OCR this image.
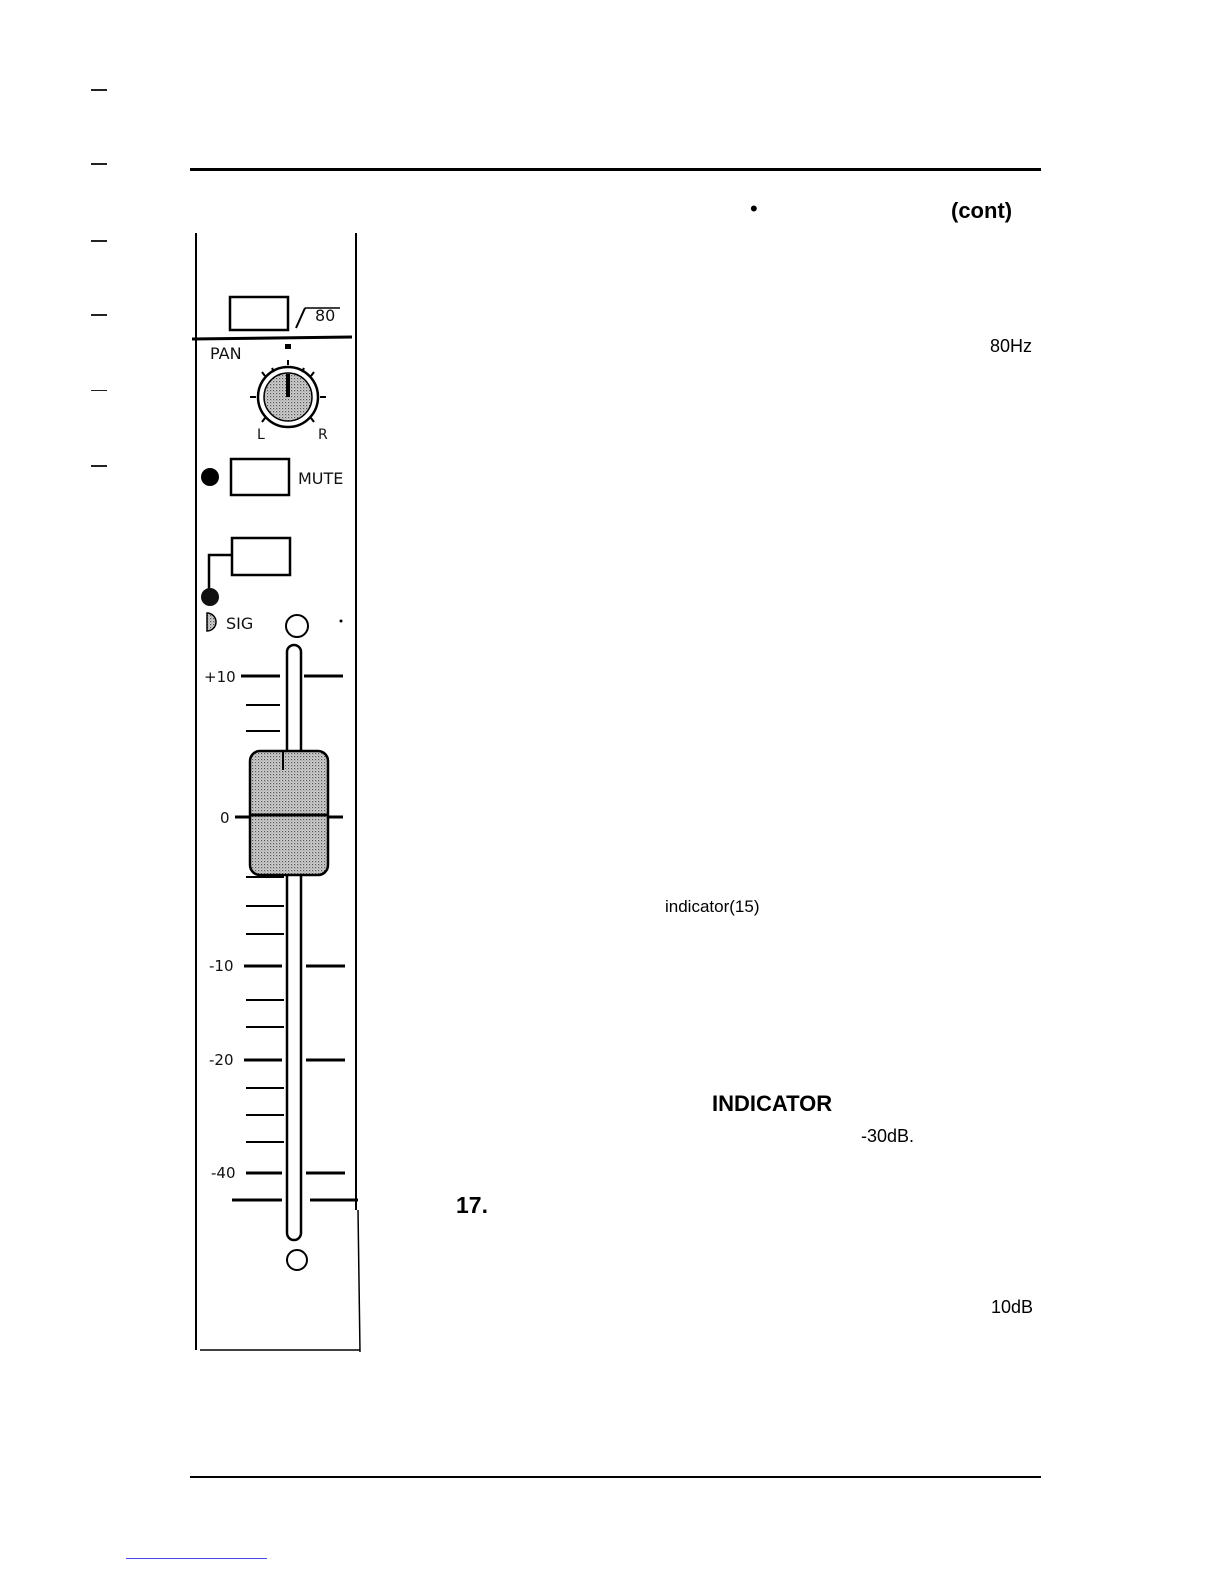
•	(cont)
80
PAN
L	R
MUTE
SIG
+10
0
-10
-20
-40
80Hz
indicator(15)
INDICATOR
-30dB.
17.
10dB
